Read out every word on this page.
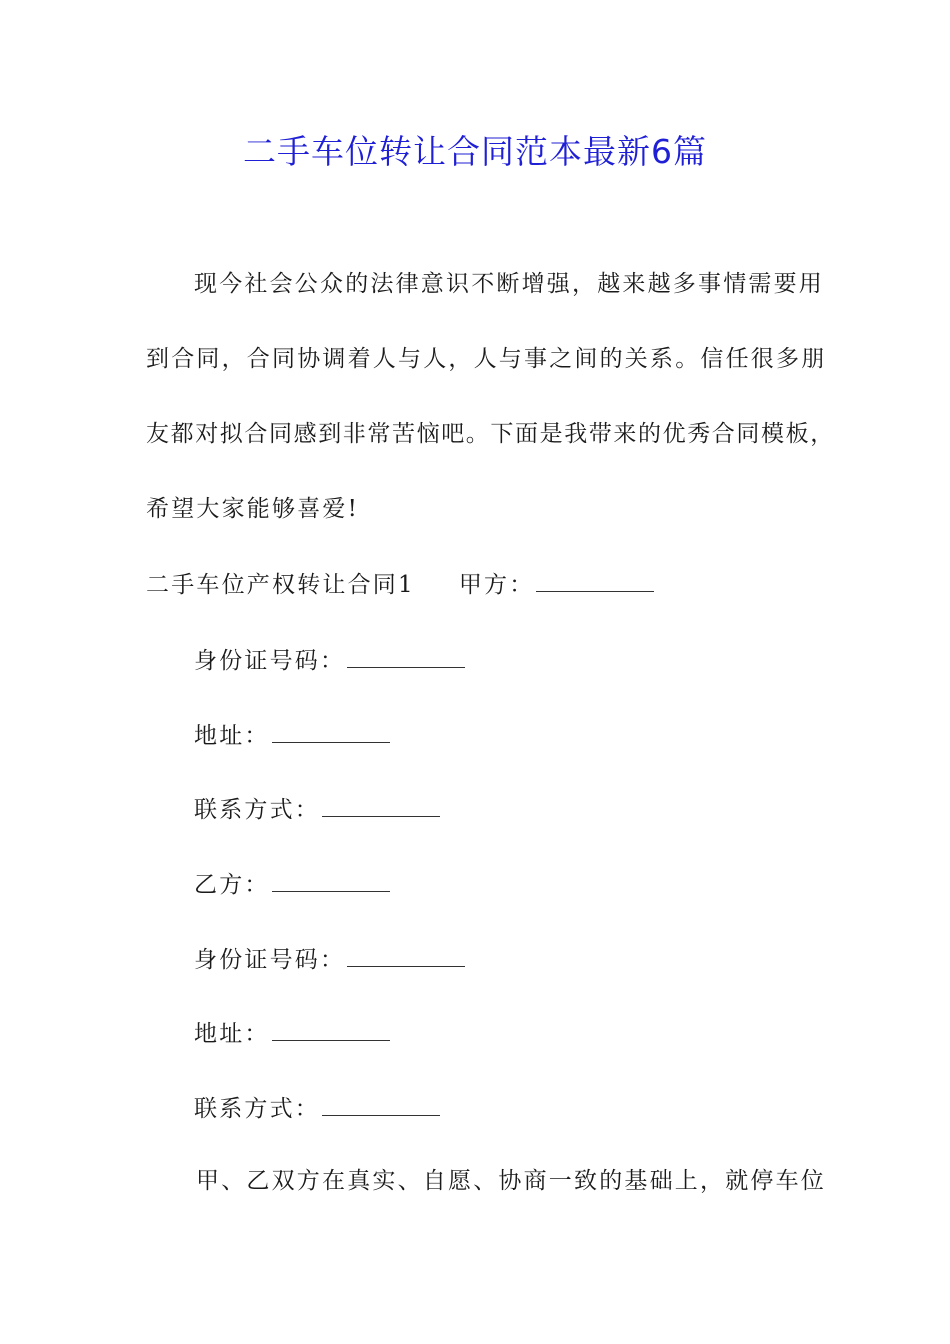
二手车位转让合同范本最新6篇
现今社会公众的法律意识不断增强，越来越多事情需要用
到合同，合同协调着人与人，人与事之间的关系。信任很多朋
友都对拟合同感到非常苦恼吧。下面是我带来的优秀合同模板，
希望大家能够喜爱!
二手车位产权转让合同1 甲方：
身份证号码：
地址：
联系方式：
乙方：
身份证号码：
地址：
联系方式：
甲、乙双方在真实、自愿、协商一致的基础上，就停车位
